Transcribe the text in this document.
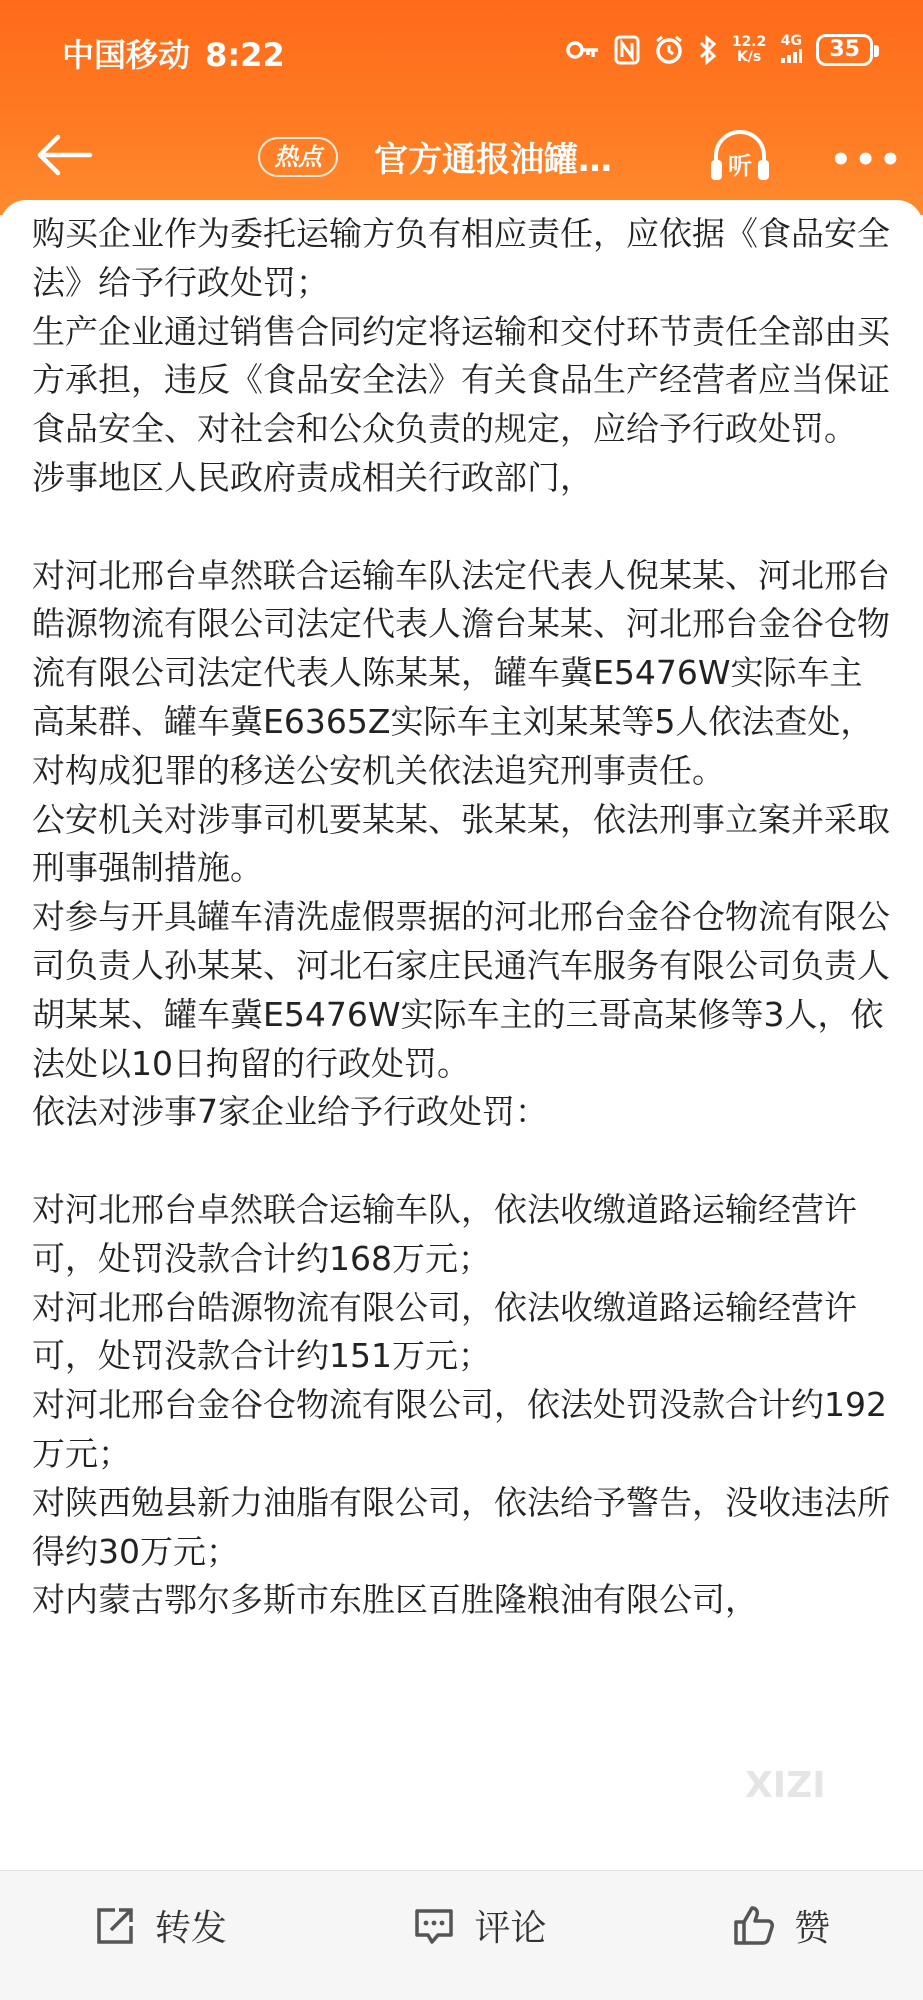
中国移动 8:22	12.2
K/s
4G	35
热点	官方通报油罐…	听 •••

购买企业作为委托运输方负有相应责任，应依据《食品安全法》给予行政处罚；

生产企业通过销售合同约定将运输和交付环节责任全部由买方承担，违反《食品安全法》有关食品生产经营者应当保证食品安全、对社会和公众负责的规定，应给予行政处罚。

涉事地区人民政府责成相关行政部门，

对河北邢台卓然联合运输车队法定代表人倪某某、河北邢台皓源物流有限公司法定代表人澹台某某、河北邢台金谷仓物流有限公司法定代表人陈某某，罐车冀E5476W实际车主高某群、罐车冀E6365Z实际车主刘某某等5人依法查处，对构成犯罪的移送公安机关依法追究刑事责任。

公安机关对涉事司机要某某、张某某，依法刑事立案并采取刑事强制措施。

对参与开具罐车清洗虚假票据的河北邢台金谷仓物流有限公司负责人孙某某、河北石家庄民通汽车服务有限公司负责人胡某某、罐车冀E5476W实际车主的三哥高某修等3人，依法处以10日拘留的行政处罚。

依法对涉事7家企业给予行政处罚：

对河北邢台卓然联合运输车队，依法收缴道路运输经营许可，处罚没款合计约168万元；

对河北邢台皓源物流有限公司，依法收缴道路运输经营许可，处罚没款合计约151万元；

对河北邢台金谷仓物流有限公司，依法处罚没款合计约192万元；

对陕西勉县新力油脂有限公司，依法给予警告，没收违法所得约30万元；

对内蒙古鄂尔多斯市东胜区百胜隆粮油有限公司，

XIZI
转发	评论	赞
